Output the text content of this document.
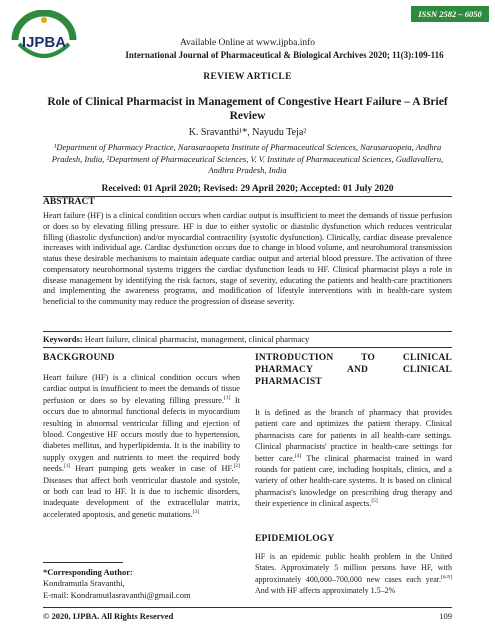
ISSN 2582 – 6050
IJPBA	Available Online at www.ijpba.info
International Journal of Pharmaceutical & Biological Archives 2020; 11(3):109-116
REVIEW ARTICLE
Role of Clinical Pharmacist in Management of Congestive Heart Failure – A Brief Review
K. Sravanthi¹*, Nayudu Teja²
¹Department of Pharmacy Practice, Narasaraopeta Institute of Pharmaceutical Sciences, Narasaraopeta, Andhra Pradesh, India, ²Department of Pharmaceutical Sciences, V. V. Institute of Pharmaceutical Sciences, Gudlavalleru, Andhra Pradesh, India
Received: 01 April 2020; Revised: 29 April 2020; Accepted: 01 July 2020
ABSTRACT
Heart failure (HF) is a clinical condition occurs when cardiac output is insufficient to meet the demands of tissue perfusion or does so by elevating filling pressure. HF is due to either systolic or diastolic dysfunction which reduces ventricular filling (diastolic dysfunction) and/or myocardial contractility (systolic dysfunction). Clinically, cardiac disease prevalence increases with individual age. Cardiac dysfunction occurs due to change in blood volume, and neurohumoral transmission status these desirable mechanisms to maintain adequate cardiac output and arterial blood pressure. The activation of three compensatory neurohormonal systems triggers the cardiac dysfunction leads to HF. Clinical pharmacist plays a role in disease management by identifying the risk factors, stage of severity, educating the patients and health-care practitioners and implementing the awareness programs, and modification of lifestyle interventions with in health-care system beneficial to the community may reduce the progression of disease severity.
Keywords: Heart failure, clinical pharmacist, management, clinical pharmacy
BACKGROUND
Heart failure (HF) is a clinical condition occurs when cardiac output is insufficient to meet the demands of tissue perfusion or does so by elevating filling pressure.[1] It occurs due to abnormal functional defects in myocardium resulting in abnormal ventricular filling and ejection of blood. Congestive HF occurs mostly due to hypertension, diabetes mellitus, and hyperlipidemia. It is the inability to supply oxygen and nutrients to meet the required body needs.[1] Heart pumping gets weaker in case of HF.[2] Diseases that affect both ventricular diastole and systole, or both can lead to HF. It is due to ischemic disorders, inadequate development of the extracellular matrix, accelerated apoptosis, and genetic mutations.[3]
INTRODUCTION TO CLINICAL PHARMACY AND CLINICAL PHARMACIST
It is defined as the branch of pharmacy that provides patient care and optimizes the patient therapy. Clinical pharmacists care for patients in all health-care settings. Clinical pharmacists' practice in health-care settings for better care.[4] The clinical pharmacist trained in ward rounds for patient care, including hospitals, clinics, and a variety of other health-care systems. It is based on clinical pharmacist's knowledge on prescribing drug therapy and their experience in clinical aspects.[5]
EPIDEMIOLOGY
HF is an epidemic public health problem in the United States. Approximately 5 million persons have HF, with approximately 400,000–700,000 new cases each year.[6-9] And with HF affects approximately 1.5–2%
*Corresponding Author:
Kondramutla Sravanthi,
E-mail: Kondramutlasravanthi@gmail.com
© 2020, IJPBA. All Rights Reserved	109
